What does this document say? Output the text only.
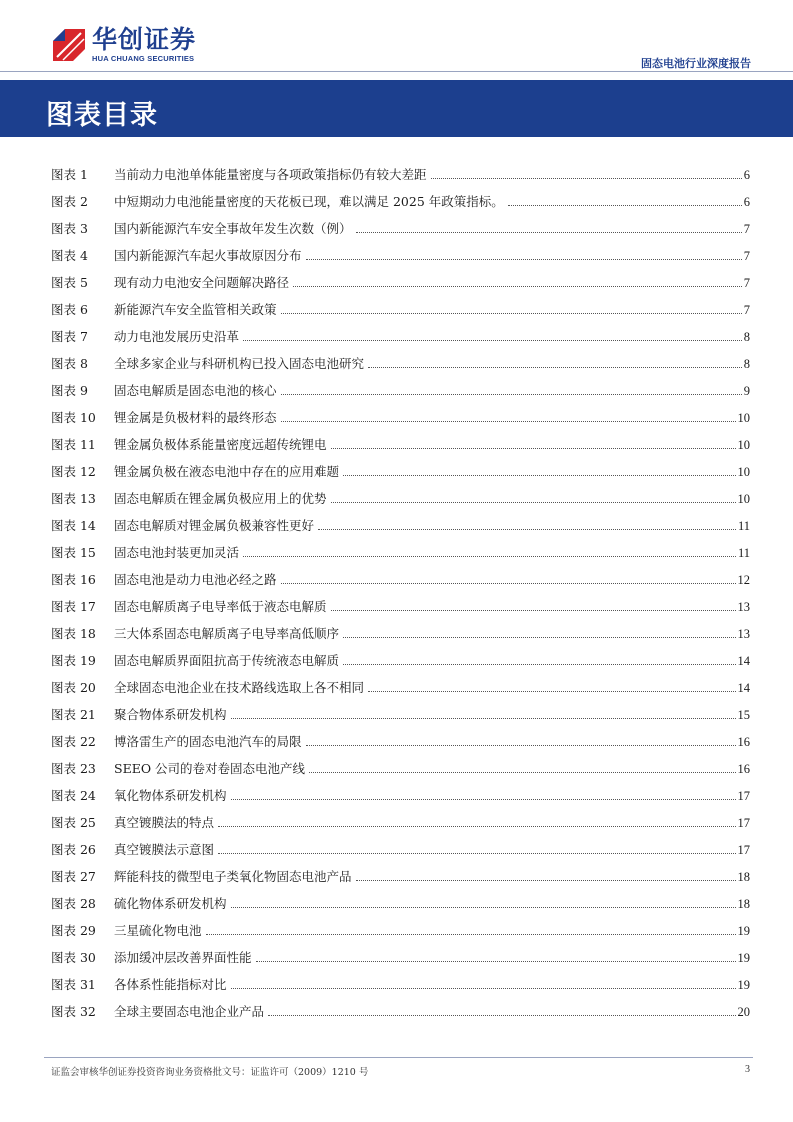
华创证券
HUA CHUANG SECURITIES	固态电池行业深度报告
图表目录
图表 1	当前动力电池单体能量密度与各项政策指标仍有较大差距	6
图表 2	中短期动力电池能量密度的天花板已现，难以满足 2025 年政策指标。	6
图表 3	国内新能源汽车安全事故年发生次数（例）	7
图表 4	国内新能源汽车起火事故原因分布	7
图表 5	现有动力电池安全问题解决路径	7
图表 6	新能源汽车安全监管相关政策	7
图表 7	动力电池发展历史沿革	8
图表 8	全球多家企业与科研机构已投入固态电池研究	8
图表 9	固态电解质是固态电池的核心	9
图表 10	锂金属是负极材料的最终形态	10
图表 11	锂金属负极体系能量密度远超传统锂电	10
图表 12	锂金属负极在液态电池中存在的应用难题	10
图表 13	固态电解质在锂金属负极应用上的优势	10
图表 14	固态电解质对锂金属负极兼容性更好	11
图表 15	固态电池封装更加灵活	11
图表 16	固态电池是动力电池必经之路	12
图表 17	固态电解质离子电导率低于液态电解质	13
图表 18	三大体系固态电解质离子电导率高低顺序	13
图表 19	固态电解质界面阻抗高于传统液态电解质	14
图表 20	全球固态电池企业在技术路线选取上各不相同	14
图表 21	聚合物体系研发机构	15
图表 22	博洛雷生产的固态电池汽车的局限	16
图表 23	SEEO 公司的卷对卷固态电池产线	16
图表 24	氧化物体系研发机构	17
图表 25	真空镀膜法的特点	17
图表 26	真空镀膜法示意图	17
图表 27	辉能科技的微型电子类氧化物固态电池产品	18
图表 28	硫化物体系研发机构	18
图表 29	三星硫化物电池	19
图表 30	添加缓冲层改善界面性能	19
图表 31	各体系性能指标对比	19
图表 32	全球主要固态电池企业产品	20
证监会审核华创证券投资咨询业务资格批文号：证监许可（2009）1210 号	3
